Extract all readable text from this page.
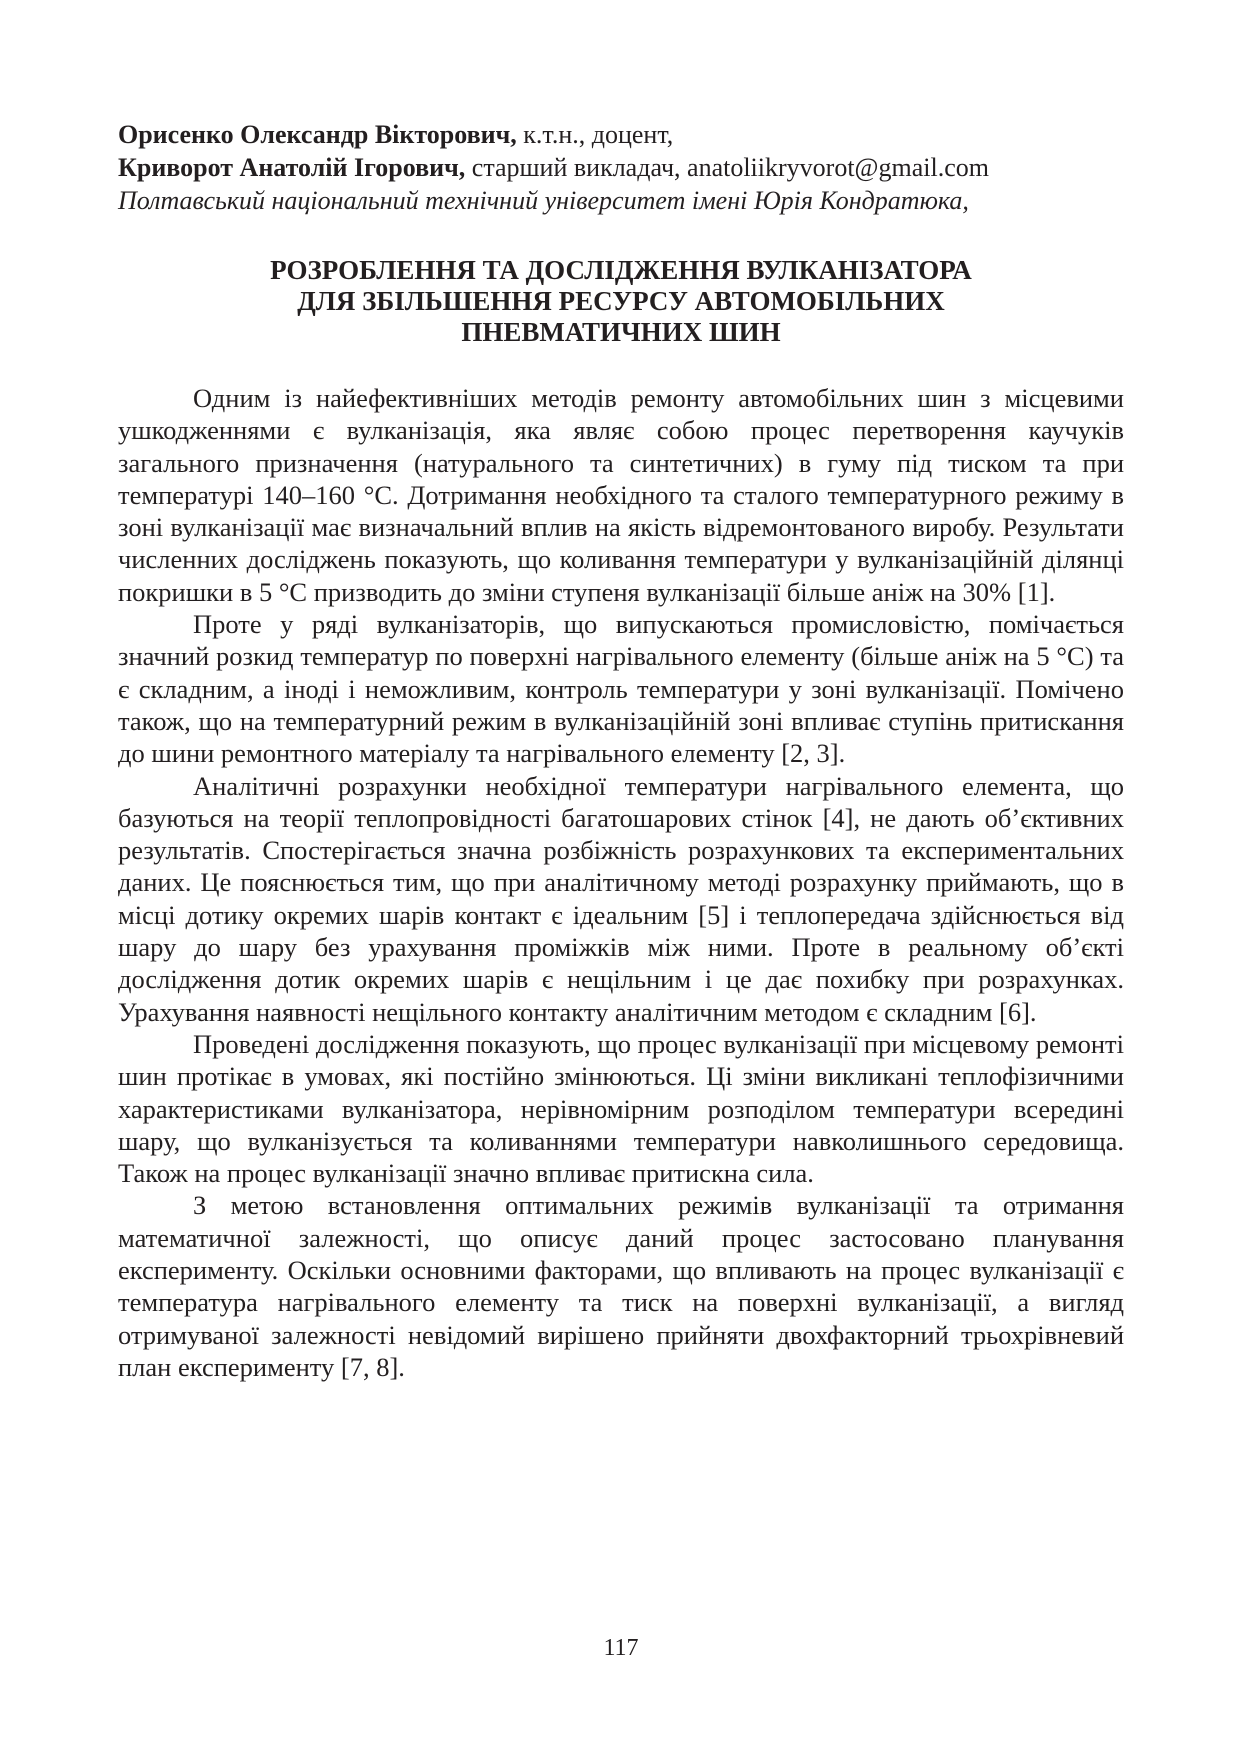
Орисенко Олександр Вікторович, к.т.н., доцент,
Криворот Анатолій Ігорович, старший викладач, anatoliikryvorot@gmail.com
Полтавський національний технічний університет імені Юрія Кондратюка,
РОЗРОБЛЕННЯ ТА ДОСЛІДЖЕННЯ ВУЛКАНІЗАТОРА
ДЛЯ ЗБІЛЬШЕННЯ РЕСУРСУ АВТОМОБІЛЬНИХ
ПНЕВМАТИЧНИХ ШИН

Одним із найефективніших методів ремонту автомобільних шин з місцевими ушкодженнями є вулканізація, яка являє собою процес перетворення каучуків загального призначення (натурального та синтетичних) в гуму під тиском та при температурі 140–160 °С. Дотримання необхідного та сталого температурного режиму в зоні вулканізації має визначальний вплив на якість відремонтованого виробу. Результати численних досліджень показують, що коливання температури у вулканізаційній ділянці покришки в 5 °С призводить до зміни ступеня вулканізації більше аніж на 30% [1].

Проте у ряді вулканізаторів, що випускаються промисловістю, помічається значний розкид температур по поверхні нагрівального елементу (більше аніж на 5 °С) та є складним, а іноді і неможливим, контроль температури у зоні вулканізації. Помічено також, що на температурний режим в вулканізаційній зоні впливає ступінь притискання до шини ремонтного матеріалу та нагрівального елементу [2, 3].

Аналітичні розрахунки необхідної температури нагрівального елемента, що базуються на теорії теплопровідності багатошарових стінок [4], не дають об’єктивних результатів. Спостерігається значна розбіжність розрахункових та експериментальних даних. Це пояснюється тим, що при аналітичному методі розрахунку приймають, що в місці дотику окремих шарів контакт є ідеальним [5] і теплопередача здійснюється від шару до шару без урахування проміжків між ними. Проте в реальному об’єкті дослідження дотик окремих шарів є нещільним і це дає похибку при розрахунках. Урахування наявності нещільного контакту аналітичним методом є складним [6].

Проведені дослідження показують, що процес вулканізації при місцевому ремонті шин протікає в умовах, які постійно змінюються. Ці зміни викликані теплофізичними характеристиками вулканізатора, нерівномірним розподілом температури всередині шару, що вулканізується та коливаннями температури навколишнього середовища. Також на процес вулканізації значно впливає притискна сила.

З метою встановлення оптимальних режимів вулканізації та отримання математичної залежності, що описує даний процес застосовано планування експерименту. Оскільки основними факторами, що впливають на процес вулканізації є температура нагрівального елементу та тиск на поверхні вулканізації, а вигляд отримуваної залежності невідомий вирішено прийняти двохфакторний трьохрівневий план експерименту [7, 8].

117
